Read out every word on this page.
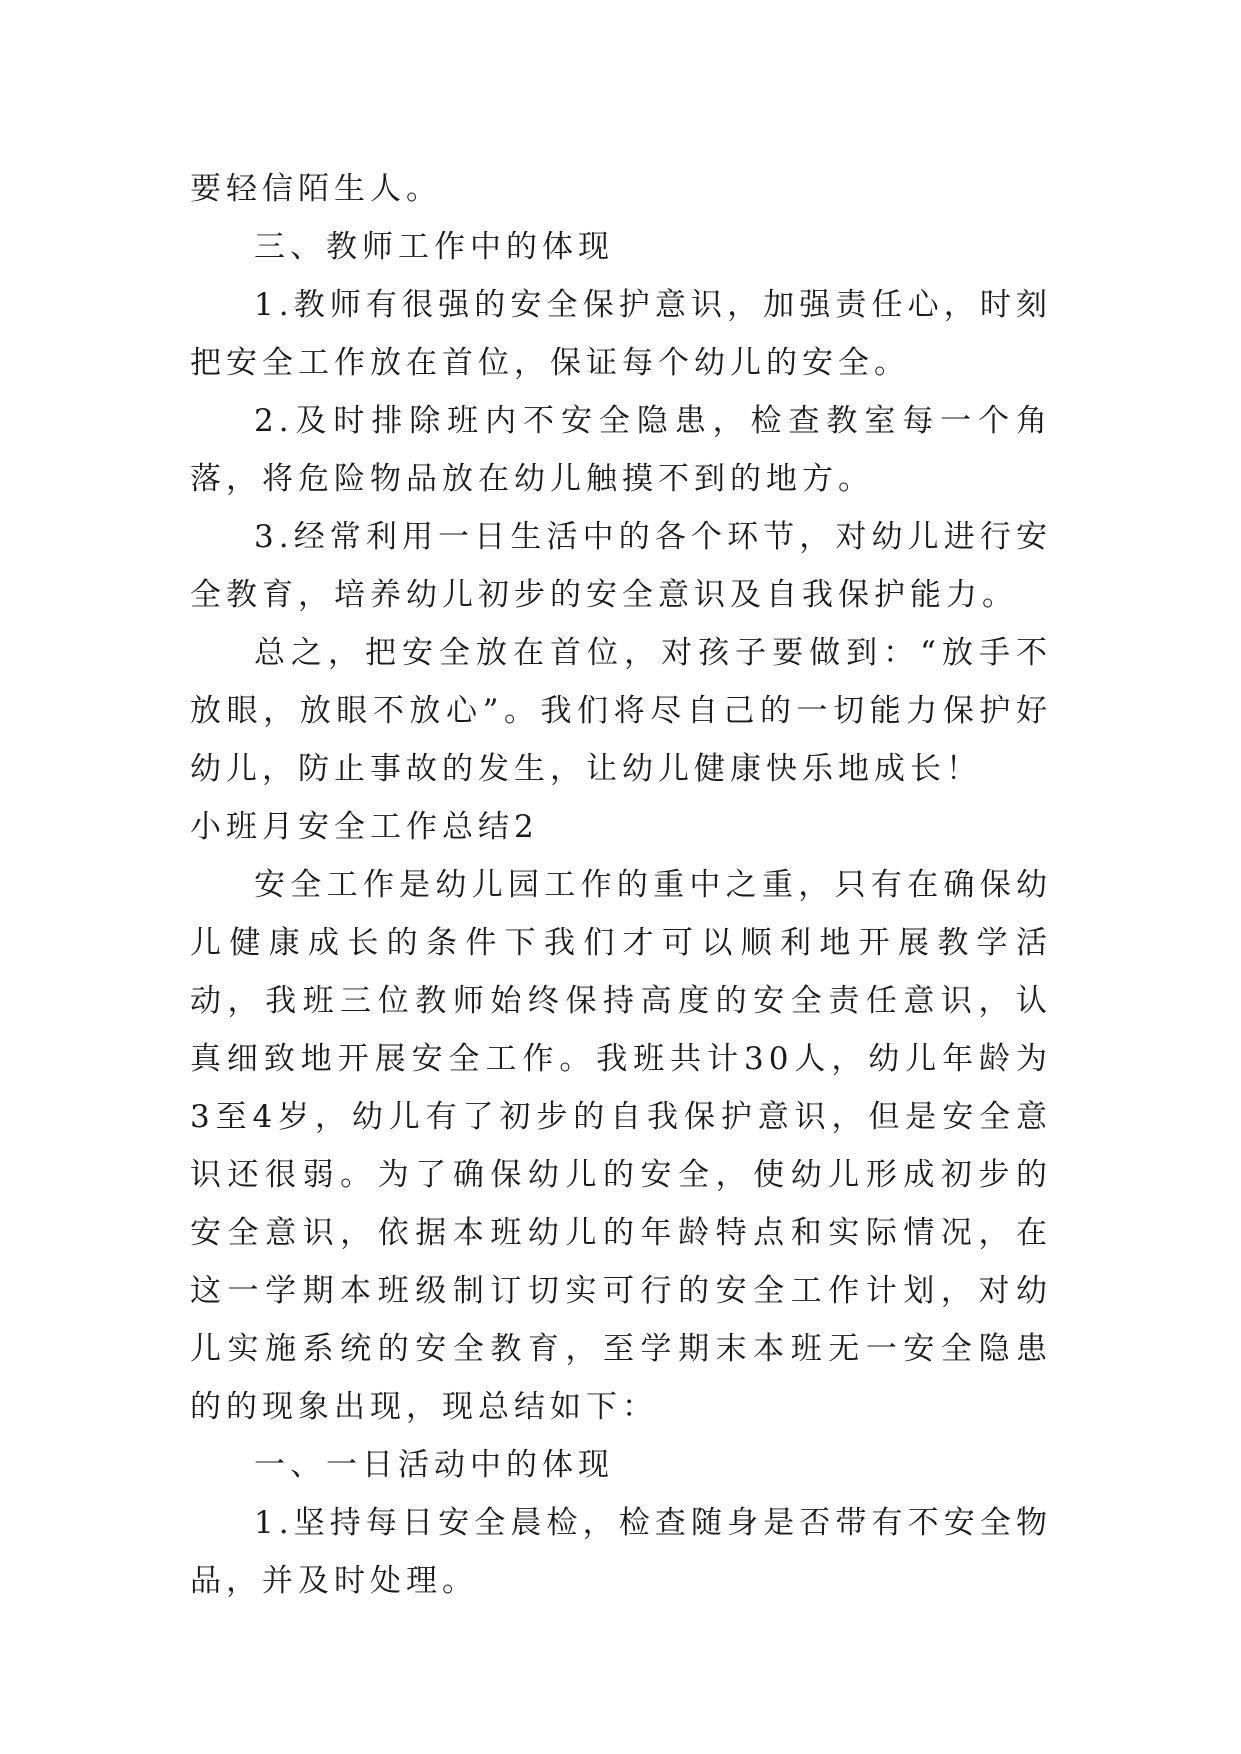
要轻信陌生人。

三、教师工作中的体现

1.教师有很强的安全保护意识，加强责任心，时刻把安全工作放在首位，保证每个幼儿的安全。

2.及时排除班内不安全隐患，检查教室每一个角落，将危险物品放在幼儿触摸不到的地方。

3.经常利用一日生活中的各个环节，对幼儿进行安全教育，培养幼儿初步的安全意识及自我保护能力。

总之，把安全放在首位，对孩子要做到：“放手不放眼，放眼不放心”。我们将尽自己的一切能力保护好幼儿，防止事故的发生，让幼儿健康快乐地成长！

小班月安全工作总结2

安全工作是幼儿园工作的重中之重，只有在确保幼儿健康成长的条件下我们才可以顺利地开展教学活动，我班三位教师始终保持高度的安全责任意识，认真细致地开展安全工作。我班共计30人，幼儿年龄为3至4岁，幼儿有了初步的自我保护意识，但是安全意识还很弱。为了确保幼儿的安全，使幼儿形成初步的安全意识，依据本班幼儿的年龄特点和实际情况，在这一学期本班级制订切实可行的安全工作计划，对幼儿实施系统的安全教育，至学期末本班无一安全隐患的的现象出现，现总结如下：

一、一日活动中的体现

1.坚持每日安全晨检，检查随身是否带有不安全物品，并及时处理。
